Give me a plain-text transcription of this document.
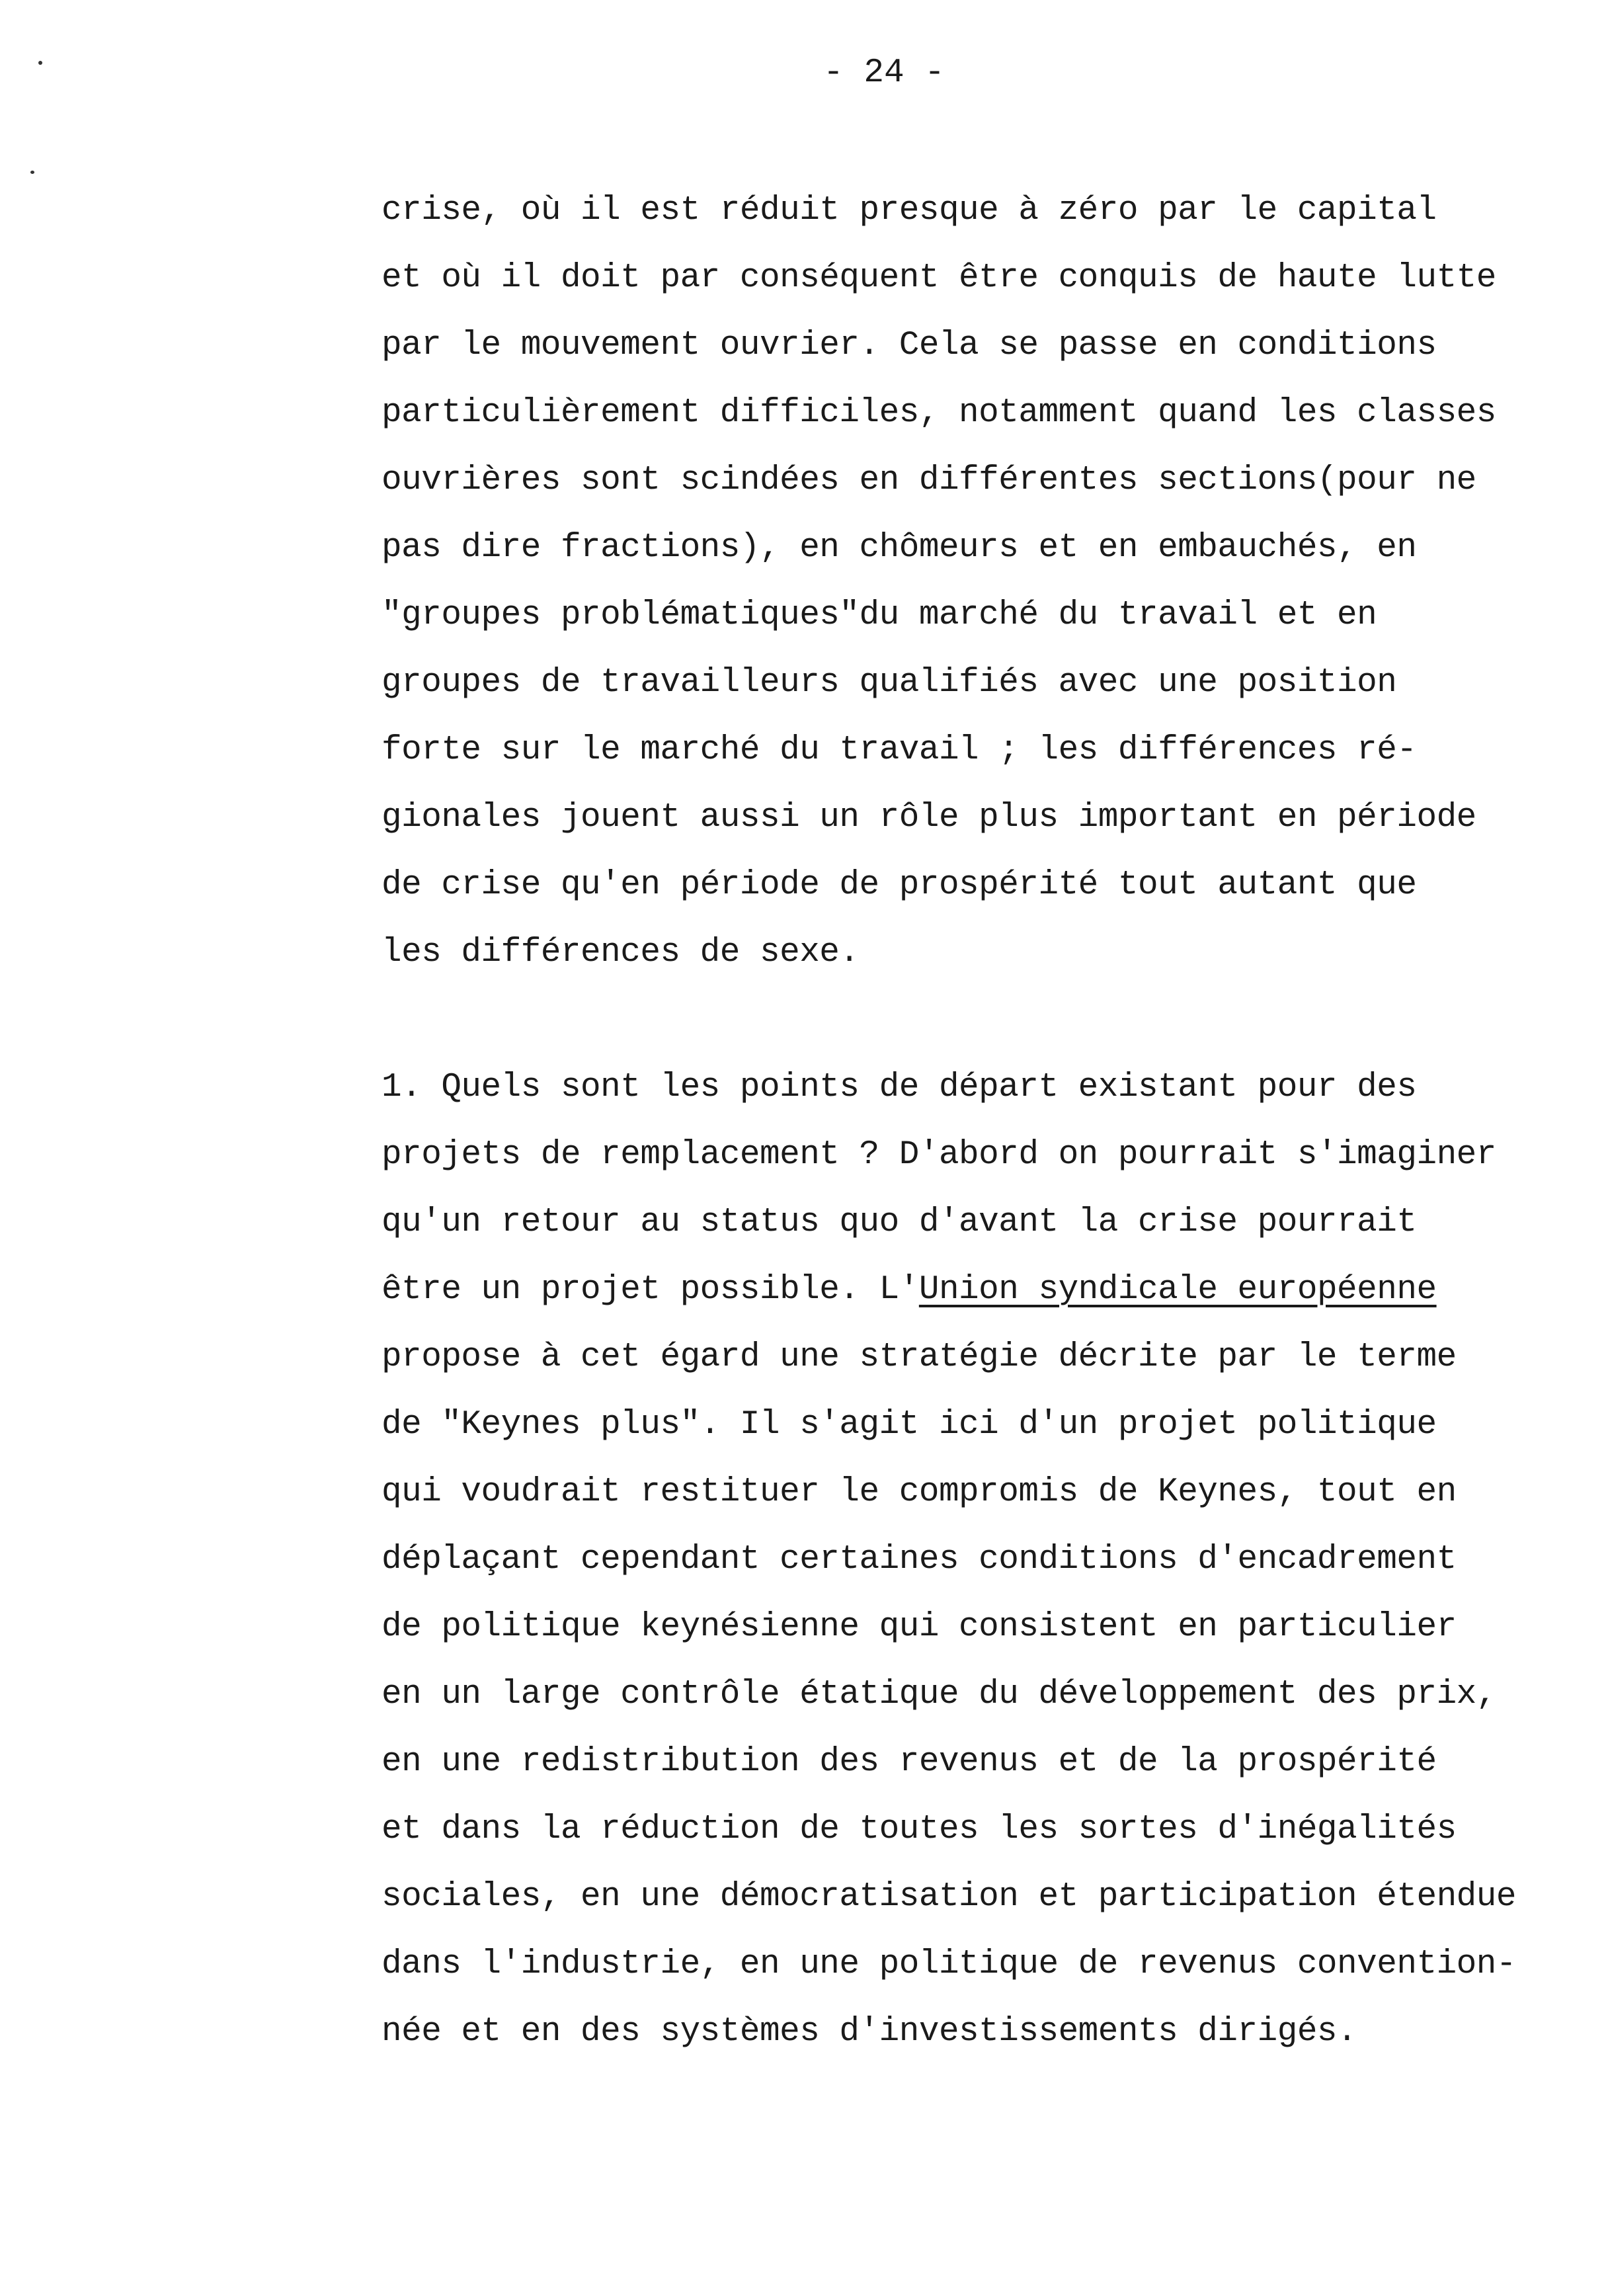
- 24 -
crise, où il est réduit presque à zéro par le capital
et où il doit par conséquent être conquis de haute lutte
par le mouvement ouvrier. Cela se passe en conditions
particulièrement difficiles, notamment quand les classes
ouvrières sont scindées en différentes sections(pour ne
pas dire fractions), en chômeurs et en embauchés, en
"groupes problématiques"du marché du travail et en
groupes de travailleurs qualifiés avec une position
forte sur le marché du travail ; les différences ré-
gionales jouent aussi un rôle plus important en période
de crise qu'en période de prospérité tout autant que
les différences de sexe.
1. Quels sont les points de départ existant pour des
projets de remplacement ? D'abord on pourrait s'imaginer
qu'un retour au status quo d'avant la crise pourrait
être un projet possible. L'Union syndicale européenne
propose à cet égard une stratégie décrite par le terme
de "Keynes plus". Il s'agit ici d'un projet politique
qui voudrait restituer le compromis de Keynes, tout en
déplaçant cependant certaines conditions d'encadrement
de politique keynésienne qui consistent en particulier
en un large contrôle étatique du développement des prix,
en une redistribution des revenus et de la prospérité
et dans la réduction de toutes les sortes d'inégalités
sociales, en une démocratisation et participation étendue
dans l'industrie, en une politique de revenus convention-
née et en des systèmes d'investissements dirigés.
